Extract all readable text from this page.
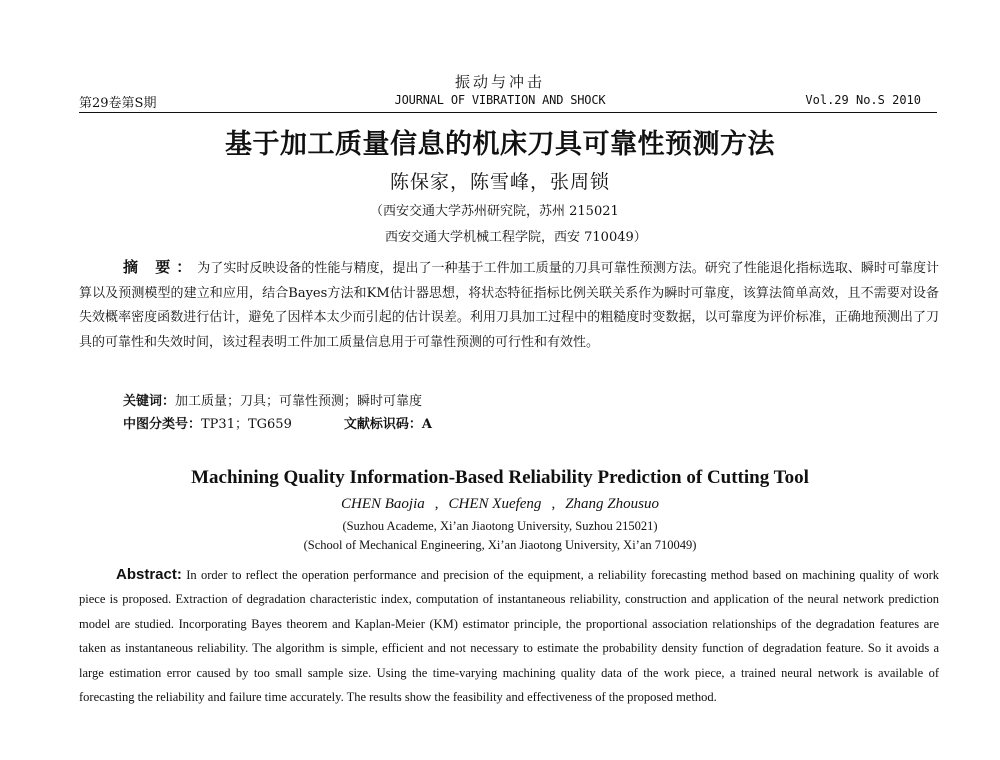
振动与冲击
第29卷第S期	JOURNAL OF VIBRATION AND SHOCK	Vol.29 No.S 2010
基于加工质量信息的机床刀具可靠性预测方法
陈保家，陈雪峰，张周锁
（西安交通大学苏州研究院，苏州 215021
西安交通大学机械工程学院，西安 710049）
摘 要：为了实时反映设备的性能与精度，提出了一种基于工件加工质量的刀具可靠性预测方法。研究了性能退化指标选取、瞬时可靠度计算以及预测模型的建立和应用，结合Bayes方法和KM估计器思想，将状态特征指标比例关联关系作为瞬时可靠度，该算法简单高效，且不需要对设备失效概率密度函数进行估计，避免了因样本太少而引起的估计误差。利用刀具加工过程中的粗糙度时变数据，以可靠度为评价标准，正确地预测出了刀具的可靠性和失效时间，该过程表明工件加工质量信息用于可靠性预测的可行性和有效性。
关键词：加工质量；刀具；可靠性预测；瞬时可靠度
中图分类号：TP31；TG659	文献标识码：A
Machining Quality Information-Based Reliability Prediction of Cutting Tool
CHEN Baojia , CHEN Xuefeng , Zhang Zhousuo
(Suzhou Academe, Xi’an Jiaotong University, Suzhou 215021)
(School of Mechanical Engineering, Xi’an Jiaotong University, Xi’an 710049)
Abstract: In order to reflect the operation performance and precision of the equipment, a reliability forecasting method based on machining quality of work piece is proposed. Extraction of degradation characteristic index, computation of instantaneous reliability, construction and application of the neural network prediction model are studied. Incorporating Bayes theorem and Kaplan-Meier (KM) estimator principle, the proportional association relationships of the degradation features are taken as instantaneous reliability. The algorithm is simple, efficient and not necessary to estimate the probability density function of degradation feature. So it avoids a large estimation error caused by too small sample size. Using the time-varying machining quality data of the work piece, a trained neural network is available of forecasting the reliability and failure time accurately. The results show the feasibility and effectiveness of the proposed method.
